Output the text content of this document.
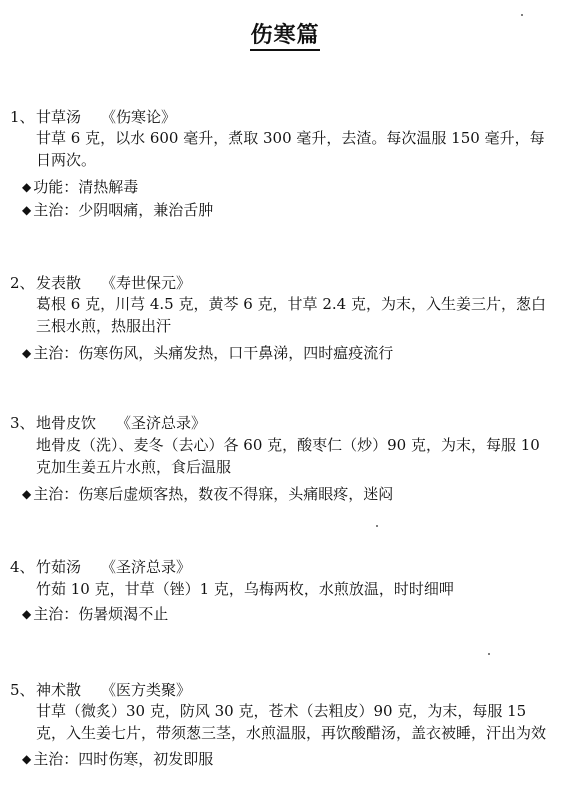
伤寒篇
1、甘草汤 《伤寒论》
甘草 6 克，以水 600 毫升，煮取 300 毫升，去渣。每次温服 150 毫升，每日两次。
◆ 功能：清热解毒
◆ 主治：少阴咽痛，兼治舌肿
2、发表散 《寿世保元》
葛根 6 克，川芎 4.5 克，黄芩 6 克，甘草 2.4 克，为末，入生姜三片，葱白三根水煎，热服出汗
◆ 主治：伤寒伤风，头痛发热，口干鼻涕，四时瘟疫流行
3、地骨皮饮 《圣济总录》
地骨皮（洗）、麦冬（去心）各 60 克，酸枣仁（炒）90 克，为末，每服 10 克加生姜五片水煎，食后温服
◆ 主治：伤寒后虚烦客热，数夜不得寐，头痛眼疼，迷闷
4、竹茹汤 《圣济总录》
竹茹 10 克，甘草（锉）1 克，乌梅两枚，水煎放温，时时细呷
◆ 主治：伤暑烦渴不止
5、神术散 《医方类聚》
甘草（微炙）30 克，防风 30 克，苍术（去粗皮）90 克，为末，每服 15 克，入生姜七片，带须葱三茎，水煎温服，再饮酸醋汤，盖衣被睡，汗出为效
◆ 主治：四时伤寒，初发即服
